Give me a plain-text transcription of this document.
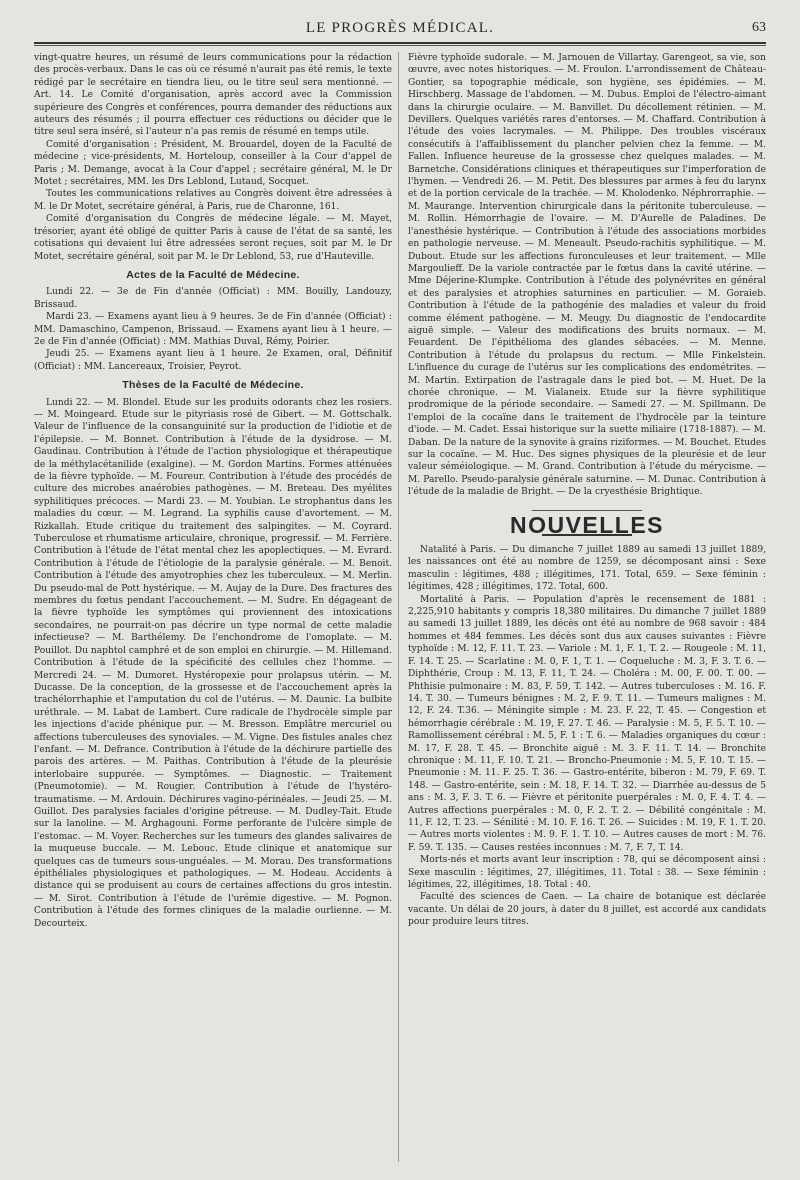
LE PROGRÈS MÉDICAL.	63

vingt-quatre heures, un résumé de leurs communications pour la rédaction des procès-verbaux. Dans le cas où ce résumé n'aurait pas été remis, le texte rédigé par le secrétaire en tiendra lieu, ou le titre seul sera mentionné. — Art. 14. Le Comité d'organisation, après accord avec la Commission supérieure des Congrès et conférences, pourra demander des réductions aux auteurs des résumés ; il pourra effectuer ces réductions ou décider que le titre seul sera inséré, si l'auteur n'a pas remis de résumé en temps utile.

Comité d'organisation : Président, M. Brouardel, doyen de la Faculté de médecine ; vice-présidents, M. Horteloup, conseiller à la Cour d'appel de Paris ; M. Demange, avocat à la Cour d'appel ; secrétaire général, M. le Dr Motet ; secrétaires, MM. les Drs Leblond, Lutaud, Socquet.

Toutes les communications relatives au Congrès doivent être adressées à M. le Dr Motet, secrétaire général, à Paris, rue de Charonne, 161.

Comité d'organisation du Congrès de médecine légale. — M. Mayet, trésorier, ayant été obligé de quitter Paris à cause de l'état de sa santé, les cotisations qui devaient lui être adressées seront reçues, soit par M. le Dr Motet, secrétaire général, soit par M. le Dr Leblond, 53, rue d'Hauteville.

Actes de la Faculté de Médecine.

Lundi 22. — 3e de Fin d'année (Officiat) : MM. Bouilly, Landouzy, Brissaud.

Mardi 23. — Examens ayant lieu à 9 heures. 3e de Fin d'année (Officiat) : MM. Damaschino, Campenon, Brissaud. — Examens ayant lieu à 1 heure. — 2e de Fin d'année (Officiat) : MM. Mathias Duval, Rémy, Poirier.

Jeudi 25. — Examens ayant lieu à 1 heure. 2e Examen, oral, Définitif (Officiat) : MM. Lancereaux, Troisier, Peyrot.

Thèses de la Faculté de Médecine.

Lundi 22. — M. Blondel. Etude sur les produits odorants chez les rosiers. — M. Moingeard. Etude sur le pityriasis rosé de Gibert. — M. Gottschalk. Valeur de l'influence de la consanguinité sur la production de l'idiotie et de l'épilepsie. — M. Bonnet. Contribution à l'étude de la dysidrose. — M. Gaudinau. Contribution à l'étude de l'action physiologique et thérapeutique de la méthylacétanilide (exalgine). — M. Gordon Martins. Formes atténuées de la fièvre typhoïde. — M. Foureur. Contribution à l'étude des procédés de culture des microbes anaérobies pathogènes. — M. Breteau. Des myélites syphilitiques précoces. — Mardi 23. — M. Youbian. Le strophantus dans les maladies du cœur. — M. Legrand. La syphilis cause d'avortement. — M. Rizkallah. Etude critique du traitement des salpingites. — M. Coyrard. Tuberculose et rhumatisme articulaire, chronique, progressif. — M. Ferrière. Contribution à l'étude de l'état mental chez les apoplectiques. — M. Evrard. Contribution à l'étude de l'étiologie de la paralysie générale. — M. Benoit. Contribution à l'étude des amyotrophies chez les tuberculeux. — M. Merlin. Du pseudo-mal de Pott hystérique. — M. Aujay de la Dure. Des fractures des membres du fœtus pendant l'accouchement. — M. Sudre. En dégageant de la fièvre typhoïde les symptômes qui proviennent des intoxications secondaires, ne pourrait-on pas décrire un type normal de cette maladie infectieuse? — M. Barthélemy. De l'enchondrome de l'omoplate. — M. Pouillot. Du naphtol camphré et de son emploi en chirurgie. — M. Hillemand. Contribution à l'étude de la spécificité des cellules chez l'homme. — Mercredi 24. — M. Dumoret. Hystéropexie pour prolapsus utérin. — M. Ducasse. De la conception, de la grossesse et de l'accouchement après la trachélorrhaphie et l'amputation du col de l'utérus. — M. Daunic. La bulbite uréthrale. — M. Labat de Lambert. Cure radicale de l'hydrocèle simple par les injections d'acide phénique pur. — M. Bresson. Emplâtre mercuriel ou affections tuberculeuses des synoviales. — M. Vigne. Des fistules anales chez l'enfant. — M. Defrance. Contribution à l'étude de la déchirure partielle des parois des artères. — M. Paithas. Contribution à l'étude de la pleurésie interlobaire suppurée. — Symptômes. — Diagnostic. — Traitement (Pneumotomie). — M. Rougier. Contribution à l'étude de l'hystéro-traumatisme. — M. Ardouin. Déchirures vagino-périnéales. — Jeudi 25. — M. Guillot. Des paralysies faciales d'origine pétreuse. — M. Dudley-Tait. Etude sur la lanoline. — M. Arghagouni. Forme perforante de l'ulcère simple de l'estomac. — M. Voyer. Recherches sur les tumeurs des glandes salivaires de la muqueuse buccale. — M. Lebouc. Etude clinique et anatomique sur quelques cas de tumeurs sous-unguéales. — M. Morau. Des transformations épithéliales physiologiques et pathologiques. — M. Hodeau. Accidents à distance qui se produisent au cours de certaines affections du gros intestin. — M. Sirot. Contribution à l'étude de l'urémie digestive. — M. Pognon. Contribution à l'étude des formes cliniques de la maladie ourlienne. — M. Decourteix.

Fièvre typhoïde sudorale. — M. Jarnouen de Villartay. Garengeot, sa vie, son œuvre, avec notes historiques. — M. Froulon. L'arrondissement de Château-Gontier, sa topographie médicale, son hygiène, ses épidémies. — M. Hirschberg. Massage de l'abdomen. — M. Dubus. Emploi de l'électro-aimant dans la chirurgie oculaire. — M. Banvillet. Du décollement rétinien. — M. Devillers. Quelques variétés rares d'entorses. — M. Chaffard. Contribution à l'étude des voies lacrymales. — M. Philippe. Des troubles viscéraux consécutifs à l'affaiblissement du plancher pelvien chez la femme. — M. Fallen. Influence heureuse de la grossesse chez quelques malades. — M. Barnetche. Considérations cliniques et thérapeutiques sur l'imperforation de l'hymen. — Vendredi 26. — M. Petit. Des blessures par armes à feu du larynx et de la portion cervicale de la trachée. — M. Kholodenko. Néphrorraphie. — M. Maurange. Intervention chirurgicale dans la péritonite tuberculeuse. — M. Rollin. Hémorrhagie de l'ovaire. — M. D'Aurelle de Paladines. De l'anesthésie hystérique. — Contribution à l'étude des associations morbides en pathologie nerveuse. — M. Meneault. Pseudo-rachitis syphilitique. — M. Dubout. Etude sur les affections furonculeuses et leur traitement. — Mlle Margoulieff. De la variole contractée par le fœtus dans la cavité utérine. — Mme Déjerine-Klumpke. Contribution à l'étude des polynévrites en général et des paralysies et atrophies saturnines en particulier. — M. Goraieb. Contribution à l'étude de la pathogénie des maladies et valeur du froid comme élément pathogène. — M. Meugy. Du diagnostic de l'endocardite aiguë simple. — Valeur des modifications des bruits normaux. — M. Feuardent. De l'épithélioma des glandes sébacées. — M. Menne. Contribution à l'étude du prolapsus du rectum. — Mlle Finkelstein. L'influence du curage de l'utérus sur les complications des endométrites. — M. Martin. Extirpation de l'astragale dans le pied bot. — M. Huet. De la chorée chronique. — M. Vialaneix. Etude sur la fièvre syphilitique prodromique de la période secondaire. — Samedi 27. — M. Spillmann. De l'emploi de la cocaïne dans le traitement de l'hydrocèle par la teinture d'iode. — M. Cadet. Essai historique sur la suette miliaire (1718-1887). — M. Daban. De la nature de la synovite à grains riziformes. — M. Bouchet. Etudes sur la cocaïne. — M. Huc. Des signes physiques de la pleurésie et de leur valeur séméiologique. — M. Grand. Contribution à l'étude du mérycisme. — M. Parello. Pseudo-paralysie générale saturnine. — M. Dunac. Contribution à l'étude de la maladie de Bright. — De la cryesthésie Brightique.

NOUVELLES

Natalité à Paris. — Du dimanche 7 juillet 1889 au samedi 13 juillet 1889, les naissances ont été au nombre de 1259, se décomposant ainsi : Sexe masculin : légitimes, 488 ; illégitimes, 171. Total, 659. — Sexe féminin : légitimes, 428 ; illégitimes, 172. Total, 600.

Mortalité à Paris. — Population d'après le recensement de 1881 : 2,225,910 habitants y compris 18,380 militaires. Du dimanche 7 juillet 1889 au samedi 13 juillet 1889, les décès ont été au nombre de 968 savoir : 484 hommes et 484 femmes. Les décès sont dus aux causes suivantes : Fièvre typhoïde : M. 12, F. 11. T. 23. — Variole : M. 1, F. 1, T. 2. — Rougeole : M. 11, F. 14. T. 25. — Scarlatine : M. 0, F. 1, T. 1. — Coqueluche : M. 3, F. 3. T. 6. — Diphthérie, Croup : M. 13, F. 11, T. 24. — Choléra : M. 00, F. 00. T. 00. — Phthisie pulmonaire : M. 83, F. 59, T. 142. — Autres tuberculoses : M. 16. F. 14. T. 30. — Tumeurs bénignes : M. 2, F. 9. T. 11. — Tumeurs malignes : M. 12, F. 24. T.36. — Méningite simple : M. 23. F. 22, T. 45. — Congestion et hémorrhagie cérébrale : M. 19, F. 27. T. 46. — Paralysie : M. 5, F. 5. T. 10. — Ramollissement cérébral : M. 5, F. 1 : T. 6. — Maladies organiques du cœur : M. 17, F. 28. T. 45. — Bronchite aiguë : M. 3. F. 11. T. 14. — Bronchite chronique : M. 11, F. 10. T. 21. — Broncho-Pneumonie : M. 5, F. 10. T. 15. — Pneumonie : M. 11. F. 25. T. 36. — Gastro-entérite, biberon : M. 79, F. 69. T. 148. — Gastro-entérite, sein : M. 18, F. 14. T. 32. — Diarrhée au-dessus de 5 ans : M. 3, F. 3. T. 6. — Fièvre et péritonite puerpérales : M. 0, F. 4. T. 4. — Autres affections puerpérales : M. 0, F. 2. T. 2. — Débilité congénitale : M. 11, F. 12, T. 23. — Sénilité : M. 10. F. 16. T. 26. — Suicides : M. 19, F. 1. T. 20. — Autres morts violentes : M. 9. F. 1. T. 10. — Autres causes de mort : M. 76. F. 59. T. 135. — Causes restées inconnues : M. 7, F. 7, T. 14.

Morts-nés et morts avant leur inscription : 78, qui se décomposent ainsi : Sexe masculin : légitimes, 27, illégitimes, 11. Total : 38. — Sexe féminin : légitimes, 22, illégitimes, 18. Total : 40.

Faculté des sciences de Caen. — La chaire de botanique est déclarée vacante. Un délai de 20 jours, à dater du 8 juillet, est accordé aux candidats pour produire leurs titres.
